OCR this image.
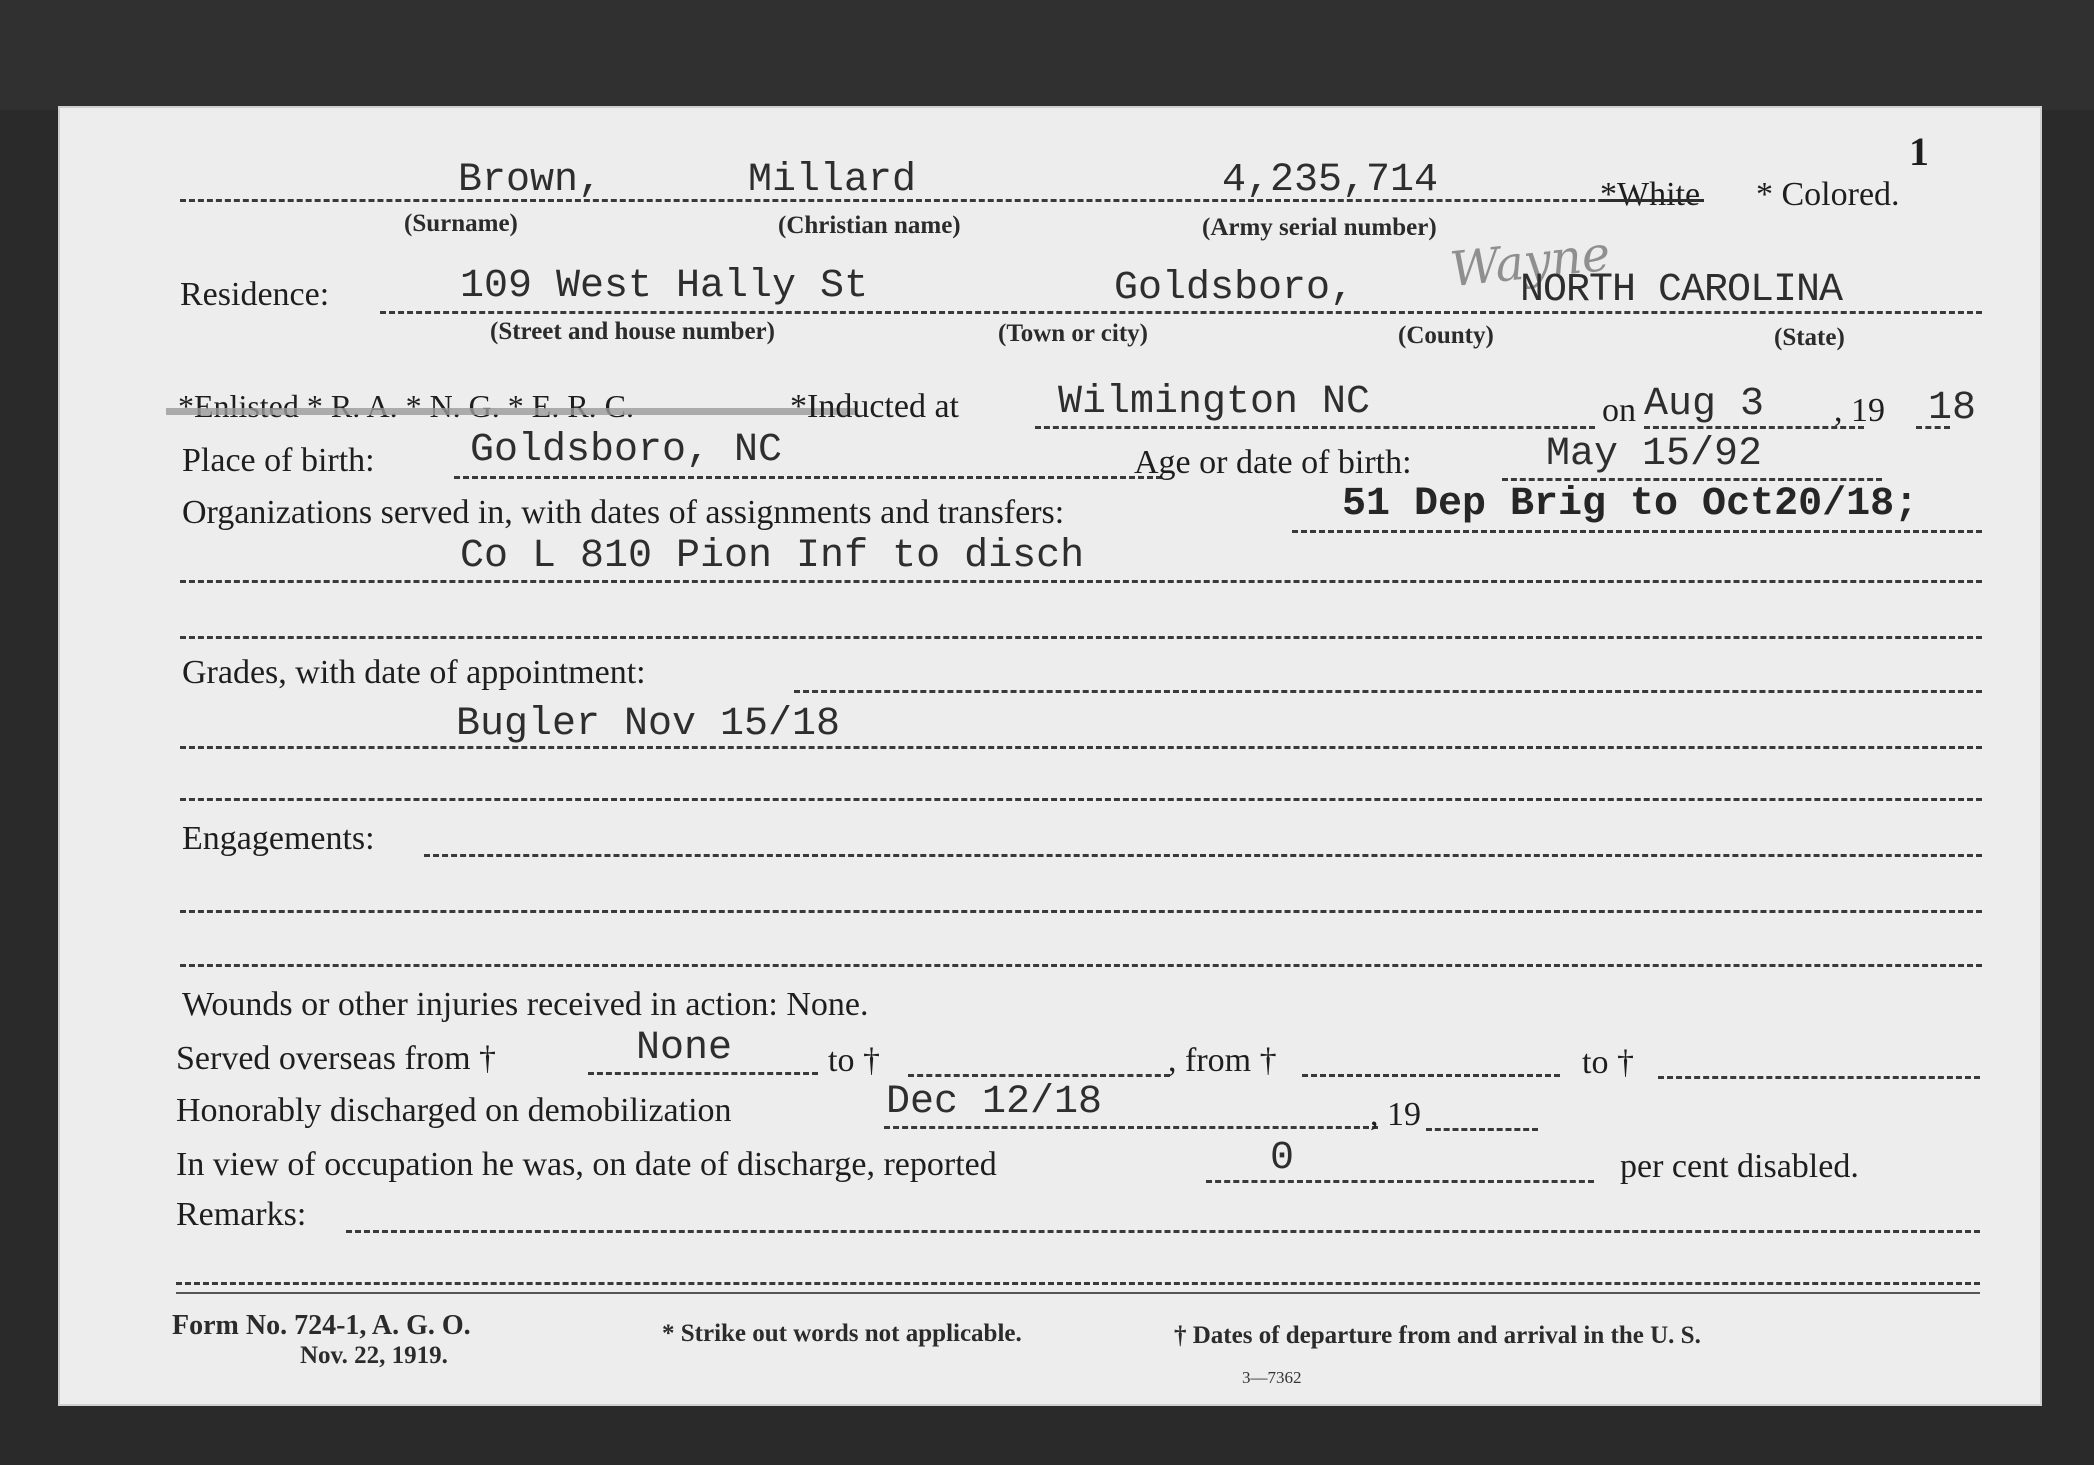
1
Brown,	Millard	4,235,714	*White * Colored.
(Surname)	(Christian name)	(Army serial number)
Residence:	109 West Hally St	Goldsboro, Wayne
NORTH CAROLINA
(Street and house number)	(Town or city)	(County)	(State)
*Enlisted * R. A. * N. G. * E. R. C.	*Inducted at Wilmington NC	on Aug 3 , 19 18
Place of birth: Goldsboro, NC	Age or date of birth:	May 15/92
Organizations served in, with dates of assignments and transfers:	51 Dep Brig to Oct20/18;
Co L 810 Pion Inf to disch
Grades, with date of appointment:
Bugler Nov 15/18
Engagements:
Wounds or other injuries received in action: None.
Served overseas from †	None	to †	, from †	to †
Honorably discharged on demobilization	Dec 12/18	, 19
In view of occupation he was, on date of discharge, reported	0	per cent disabled.
Remarks:
Form No. 724-1, A. G. O.
Nov. 22, 1919.
* Strike out words not applicable.	† Dates of departure from and arrival in the U. S.
3—7362
